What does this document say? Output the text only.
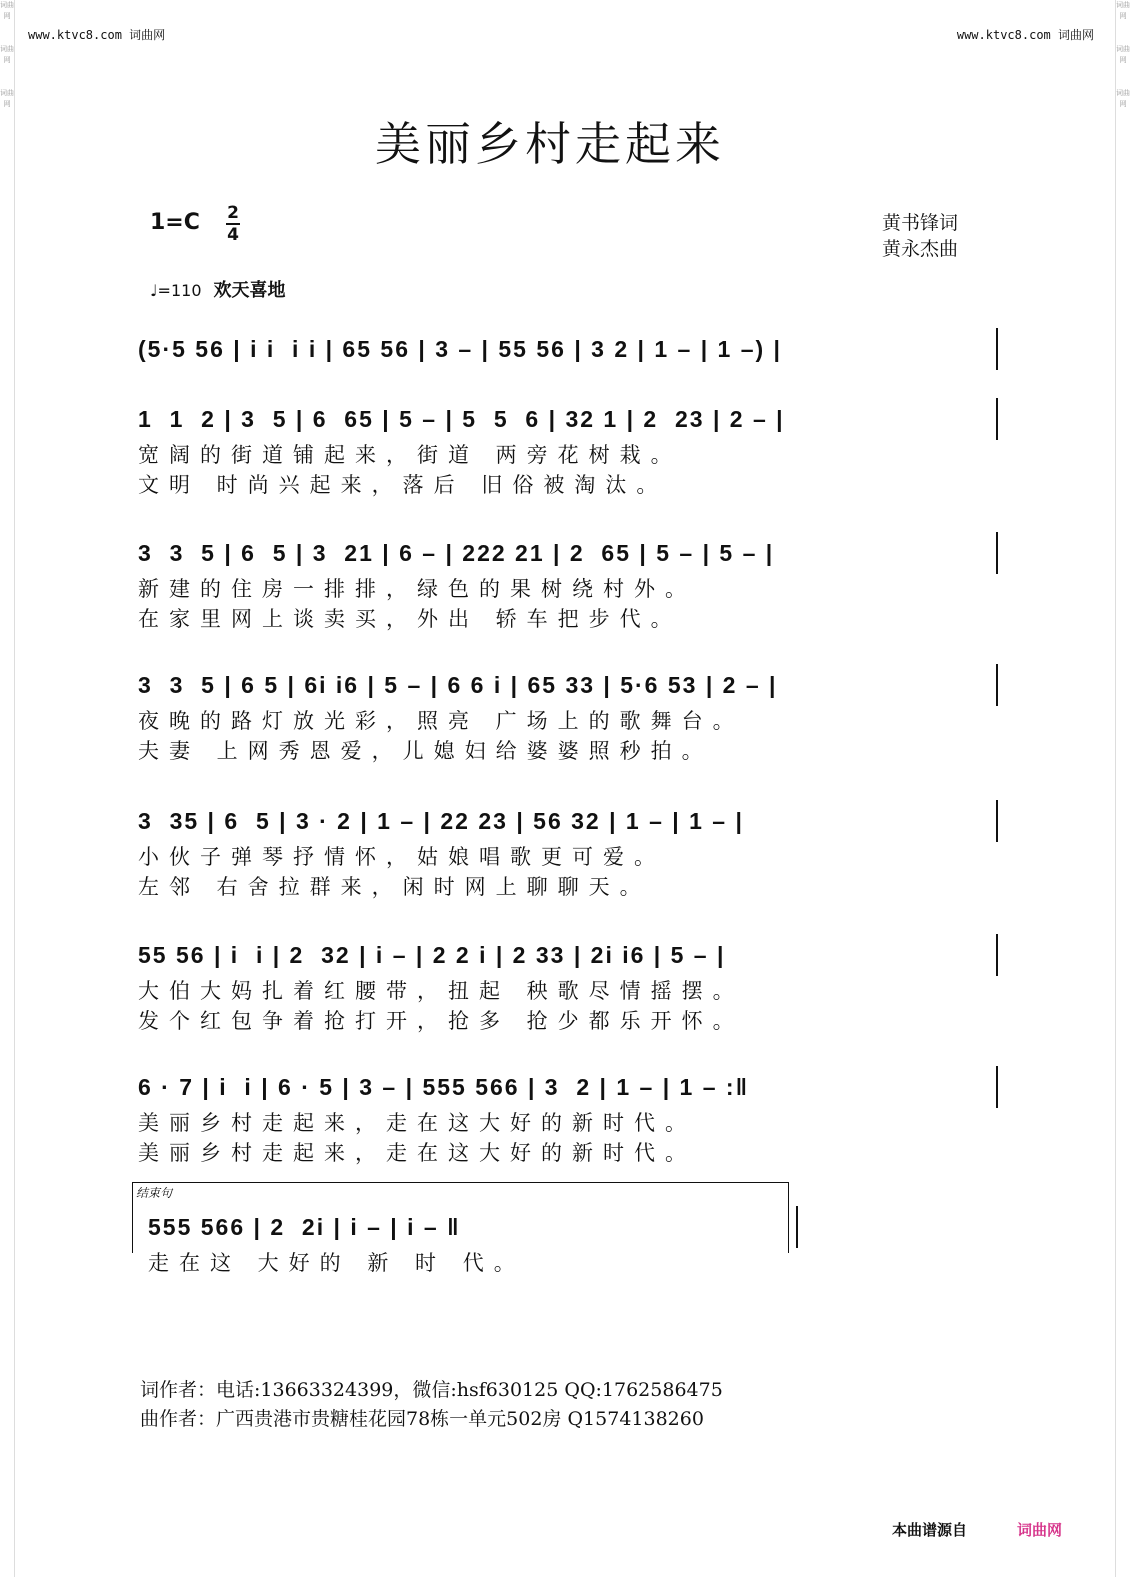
词曲网
词曲网
词曲网
词曲网
词曲网
词曲网
www.ktvc8.com 词曲网	www.ktvc8.com 词曲网
美丽乡村走起来
1=C 2
4
黄书锋词
黄永杰曲
♩=110 欢天喜地
(5·5 56 | i i  i i | 65 56 | 3 – | 55 56 | 3 2 | 1 – | 1 –) |
1  1  2 | 3  5 | 6  65 | 5 – | 5  5  6 | 32 1 | 2  23 | 2 – |
宽阔的街道铺起来，街道 两旁花树栽。
文明 时尚兴起来，落后 旧俗被淘汰。
3  3  5 | 6  5 | 3  21 | 6 – | 222 21 | 2  65 | 5 – | 5 – |
新建的住房一排排，绿色的果树绕村外。
在家里网上谈卖买，外出 轿车把步代。
3  3  5 | 6 5 | 6i i6 | 5 – | 6 6 i | 65 33 | 5·6 53 | 2 – |
夜晚的路灯放光彩，照亮 广场上的歌舞台。
夫妻 上网秀恩爱，儿媳妇给婆婆照秒拍。
3  35 | 6  5 | 3 · 2 | 1 – | 22 23 | 56 32 | 1 – | 1 – |
小伙子弹琴抒情怀，姑娘唱歌更可爱。
左邻 右舍拉群来，闲时网上聊聊天。
55 56 | i  i | 2  32 | i – | 2 2 i | 2 33 | 2i i6 | 5 – |
大伯大妈扎着红腰带，扭起 秧歌尽情摇摆。
发个红包争着抢打开，抢多 抢少都乐开怀。
6 · 7 | i  i | 6 · 5 | 3 – | 555 566 | 3  2 | 1 – | 1 – :‖
美丽乡村走起来，走在这大好的新时代。
美丽乡村走起来，走在这大好的新时代。
结束句
555 566 | 2  2i | i – | i – ‖
走在这 大好的 新 时 代。
词作者：电话:13663324399，微信:hsf630125 QQ:1762586475
曲作者：广西贵港市贵糖桂花园78栋一单元502房 Q1574138260
本曲谱源自	词曲网
